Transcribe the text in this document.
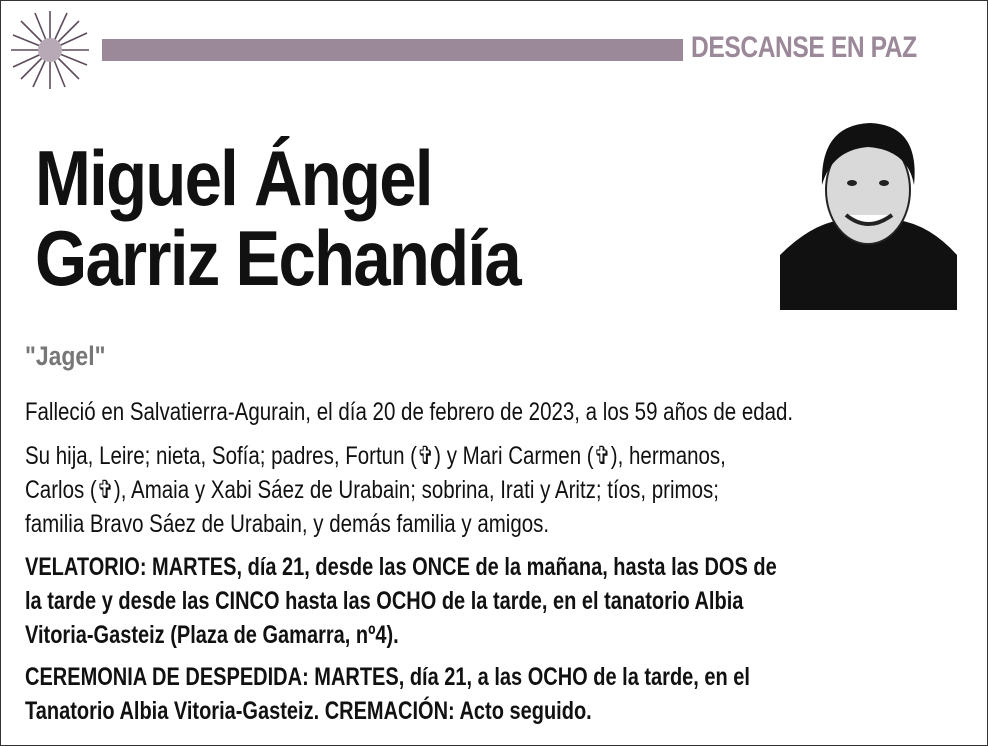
DESCANSE EN PAZ
Miguel Ángel
Garriz Echandía
"Jagel"
Falleció en Salvatierra-Agurain, el día 20 de febrero de 2023, a los 59 años de edad.
Su hija, Leire; nieta, Sofía; padres, Fortun (✞) y Mari Carmen (✞), hermanos,
Carlos (✞), Amaia y Xabi Sáez de Urabain; sobrina, Irati y Aritz; tíos, primos;
familia Bravo Sáez de Urabain, y demás familia y amigos.
VELATORIO: MARTES, día 21, desde las ONCE de la mañana, hasta las DOS de
la tarde y desde las CINCO hasta las OCHO de la tarde, en el tanatorio Albia
Vitoria-Gasteiz (Plaza de Gamarra, nº4).
CEREMONIA DE DESPEDIDA: MARTES, día 21, a las OCHO de la tarde, en el
Tanatorio Albia Vitoria-Gasteiz. CREMACIÓN: Acto seguido.
